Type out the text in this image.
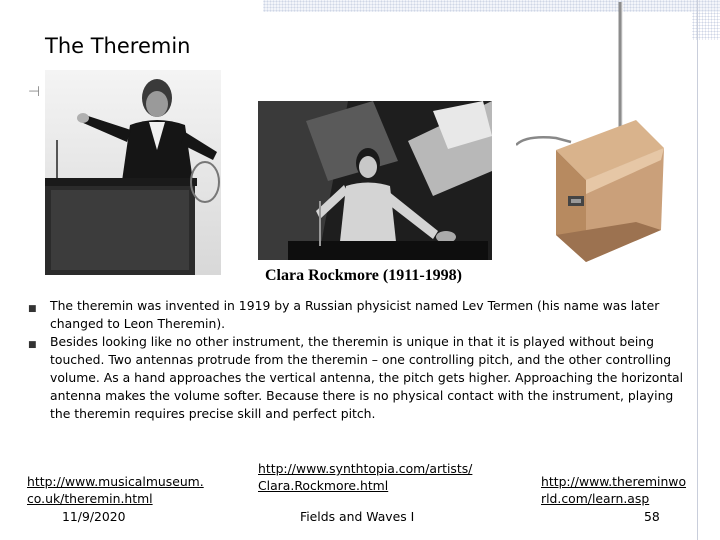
The Theremin
⊣
Clara Rockmore (1911-1998)
■	The theremin was invented in 1919 by a Russian physicist named Lev Termen (his name was later changed to Leon Theremin).
■	Besides looking like no other instrument, the theremin is unique in that it is played without being touched. Two antennas protrude from the theremin – one controlling pitch, and the other controlling volume. As a hand approaches the vertical antenna, the pitch gets higher. Approaching the horizontal antenna makes the volume softer. Because there is no physical contact with the instrument, playing the theremin requires precise skill and perfect pitch.
http://www.musicalmuseum.
co.uk/theremin.html
http://www.synthtopia.com/artists/
Clara.Rockmore.html	http://www.thereminwo
rld.com/learn.asp
11/9/2020	Fields and Waves I	58
